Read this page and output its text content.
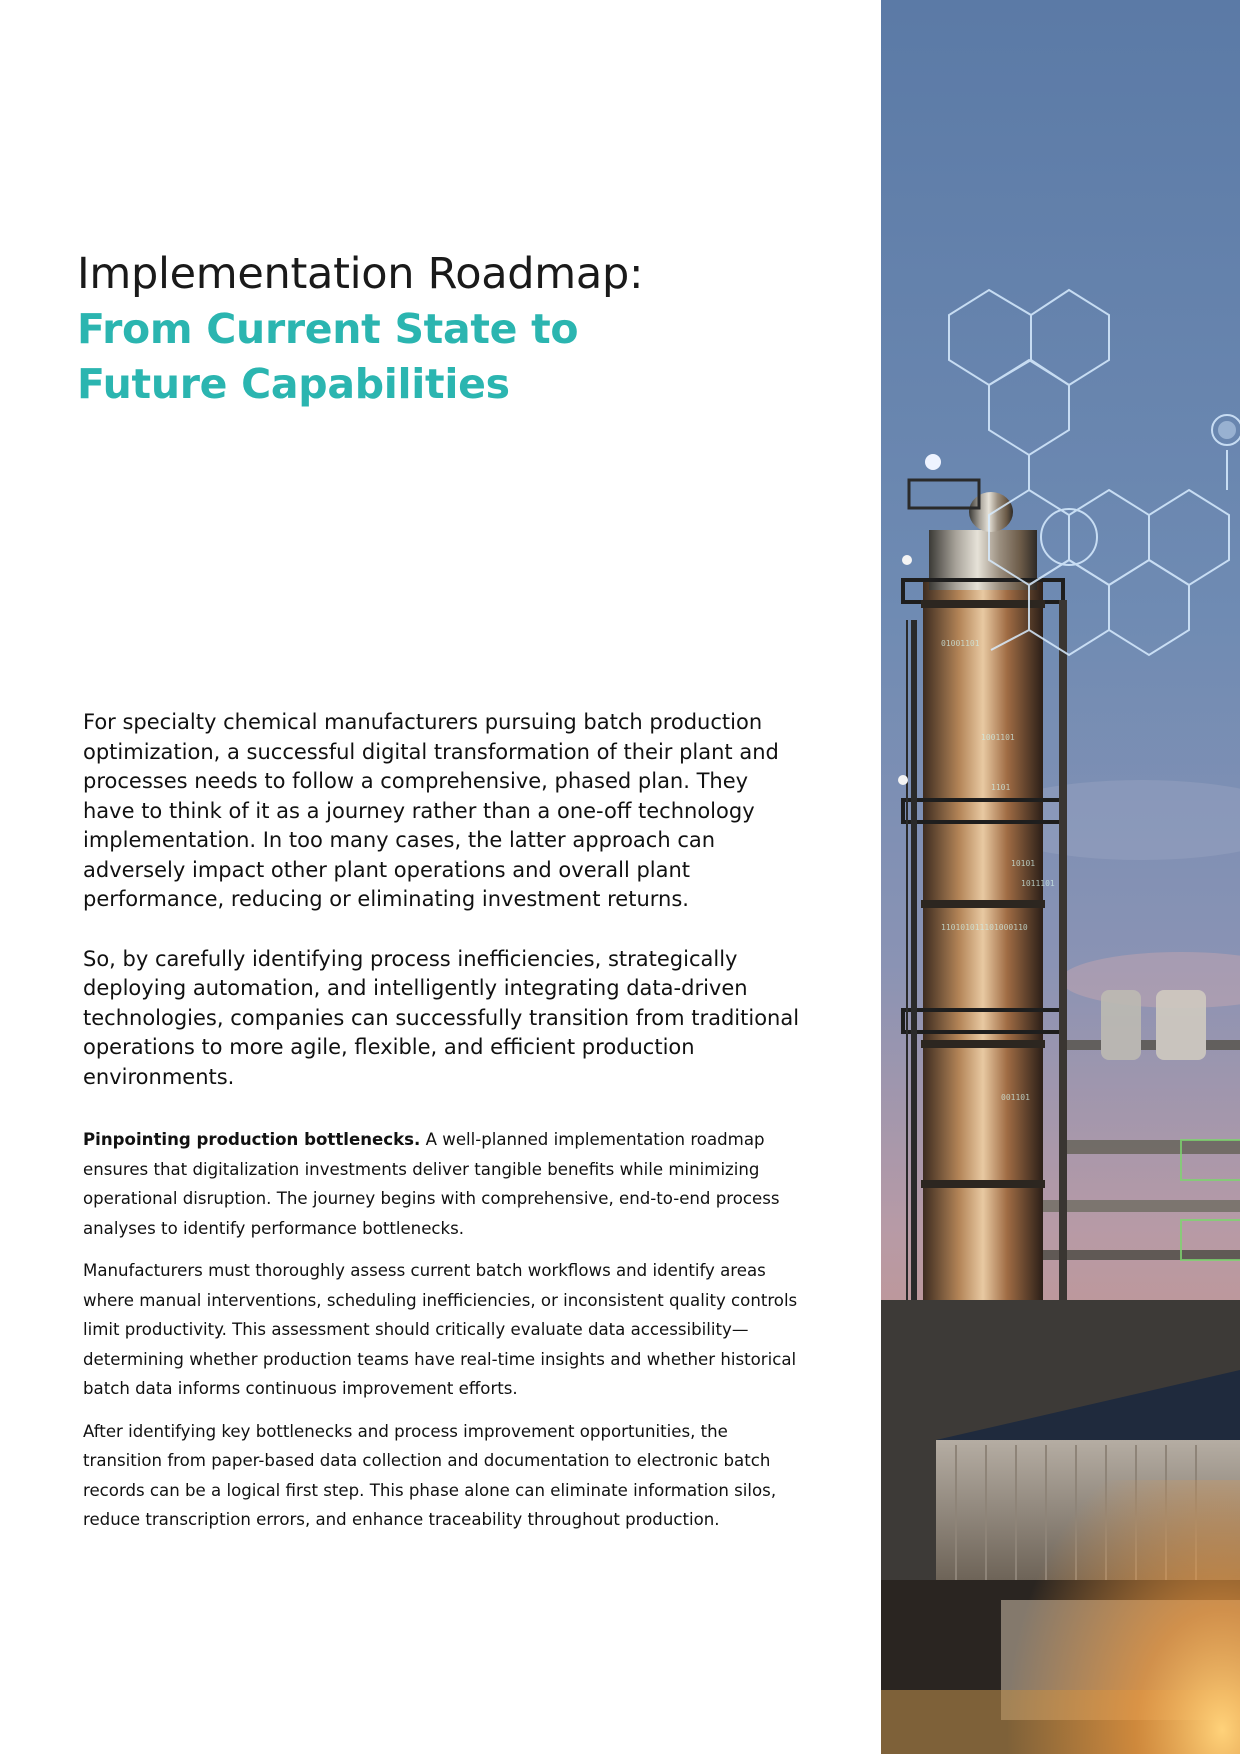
Implementation Roadmap:
From Current State to Future Capabilities

For specialty chemical manufacturers pursuing batch production optimization, a successful digital transformation of their plant and processes needs to follow a comprehensive, phased plan. They have to think of it as a journey rather than a one-off technology implementation. In too many cases, the latter approach can adversely impact other plant operations and overall plant performance, reducing or eliminating investment returns.

So, by carefully identifying process inefficiencies, strategically deploying automation, and intelligently integrating data-driven technologies, companies can successfully transition from traditional operations to more agile, flexible, and efficient production environments.

Pinpointing production bottlenecks. A well-planned implementation roadmap ensures that digitalization investments deliver tangible benefits while minimizing operational disruption. The journey begins with comprehensive, end-to-end process analyses to identify performance bottlenecks.

Manufacturers must thoroughly assess current batch workflows and identify areas where manual interventions, scheduling inefficiencies, or inconsistent quality controls limit productivity. This assessment should critically evaluate data accessibility—determining whether production teams have real-time insights and whether historical batch data informs continuous improvement efforts.

After identifying key bottlenecks and process improvement opportunities, the transition from paper-based data collection and documentation to electronic batch records can be a logical first step. This phase alone can eliminate information silos, reduce transcription errors, and enhance traceability throughout production.

01001101
1001101
1101
10101
1011101
110101011101000110
001101
